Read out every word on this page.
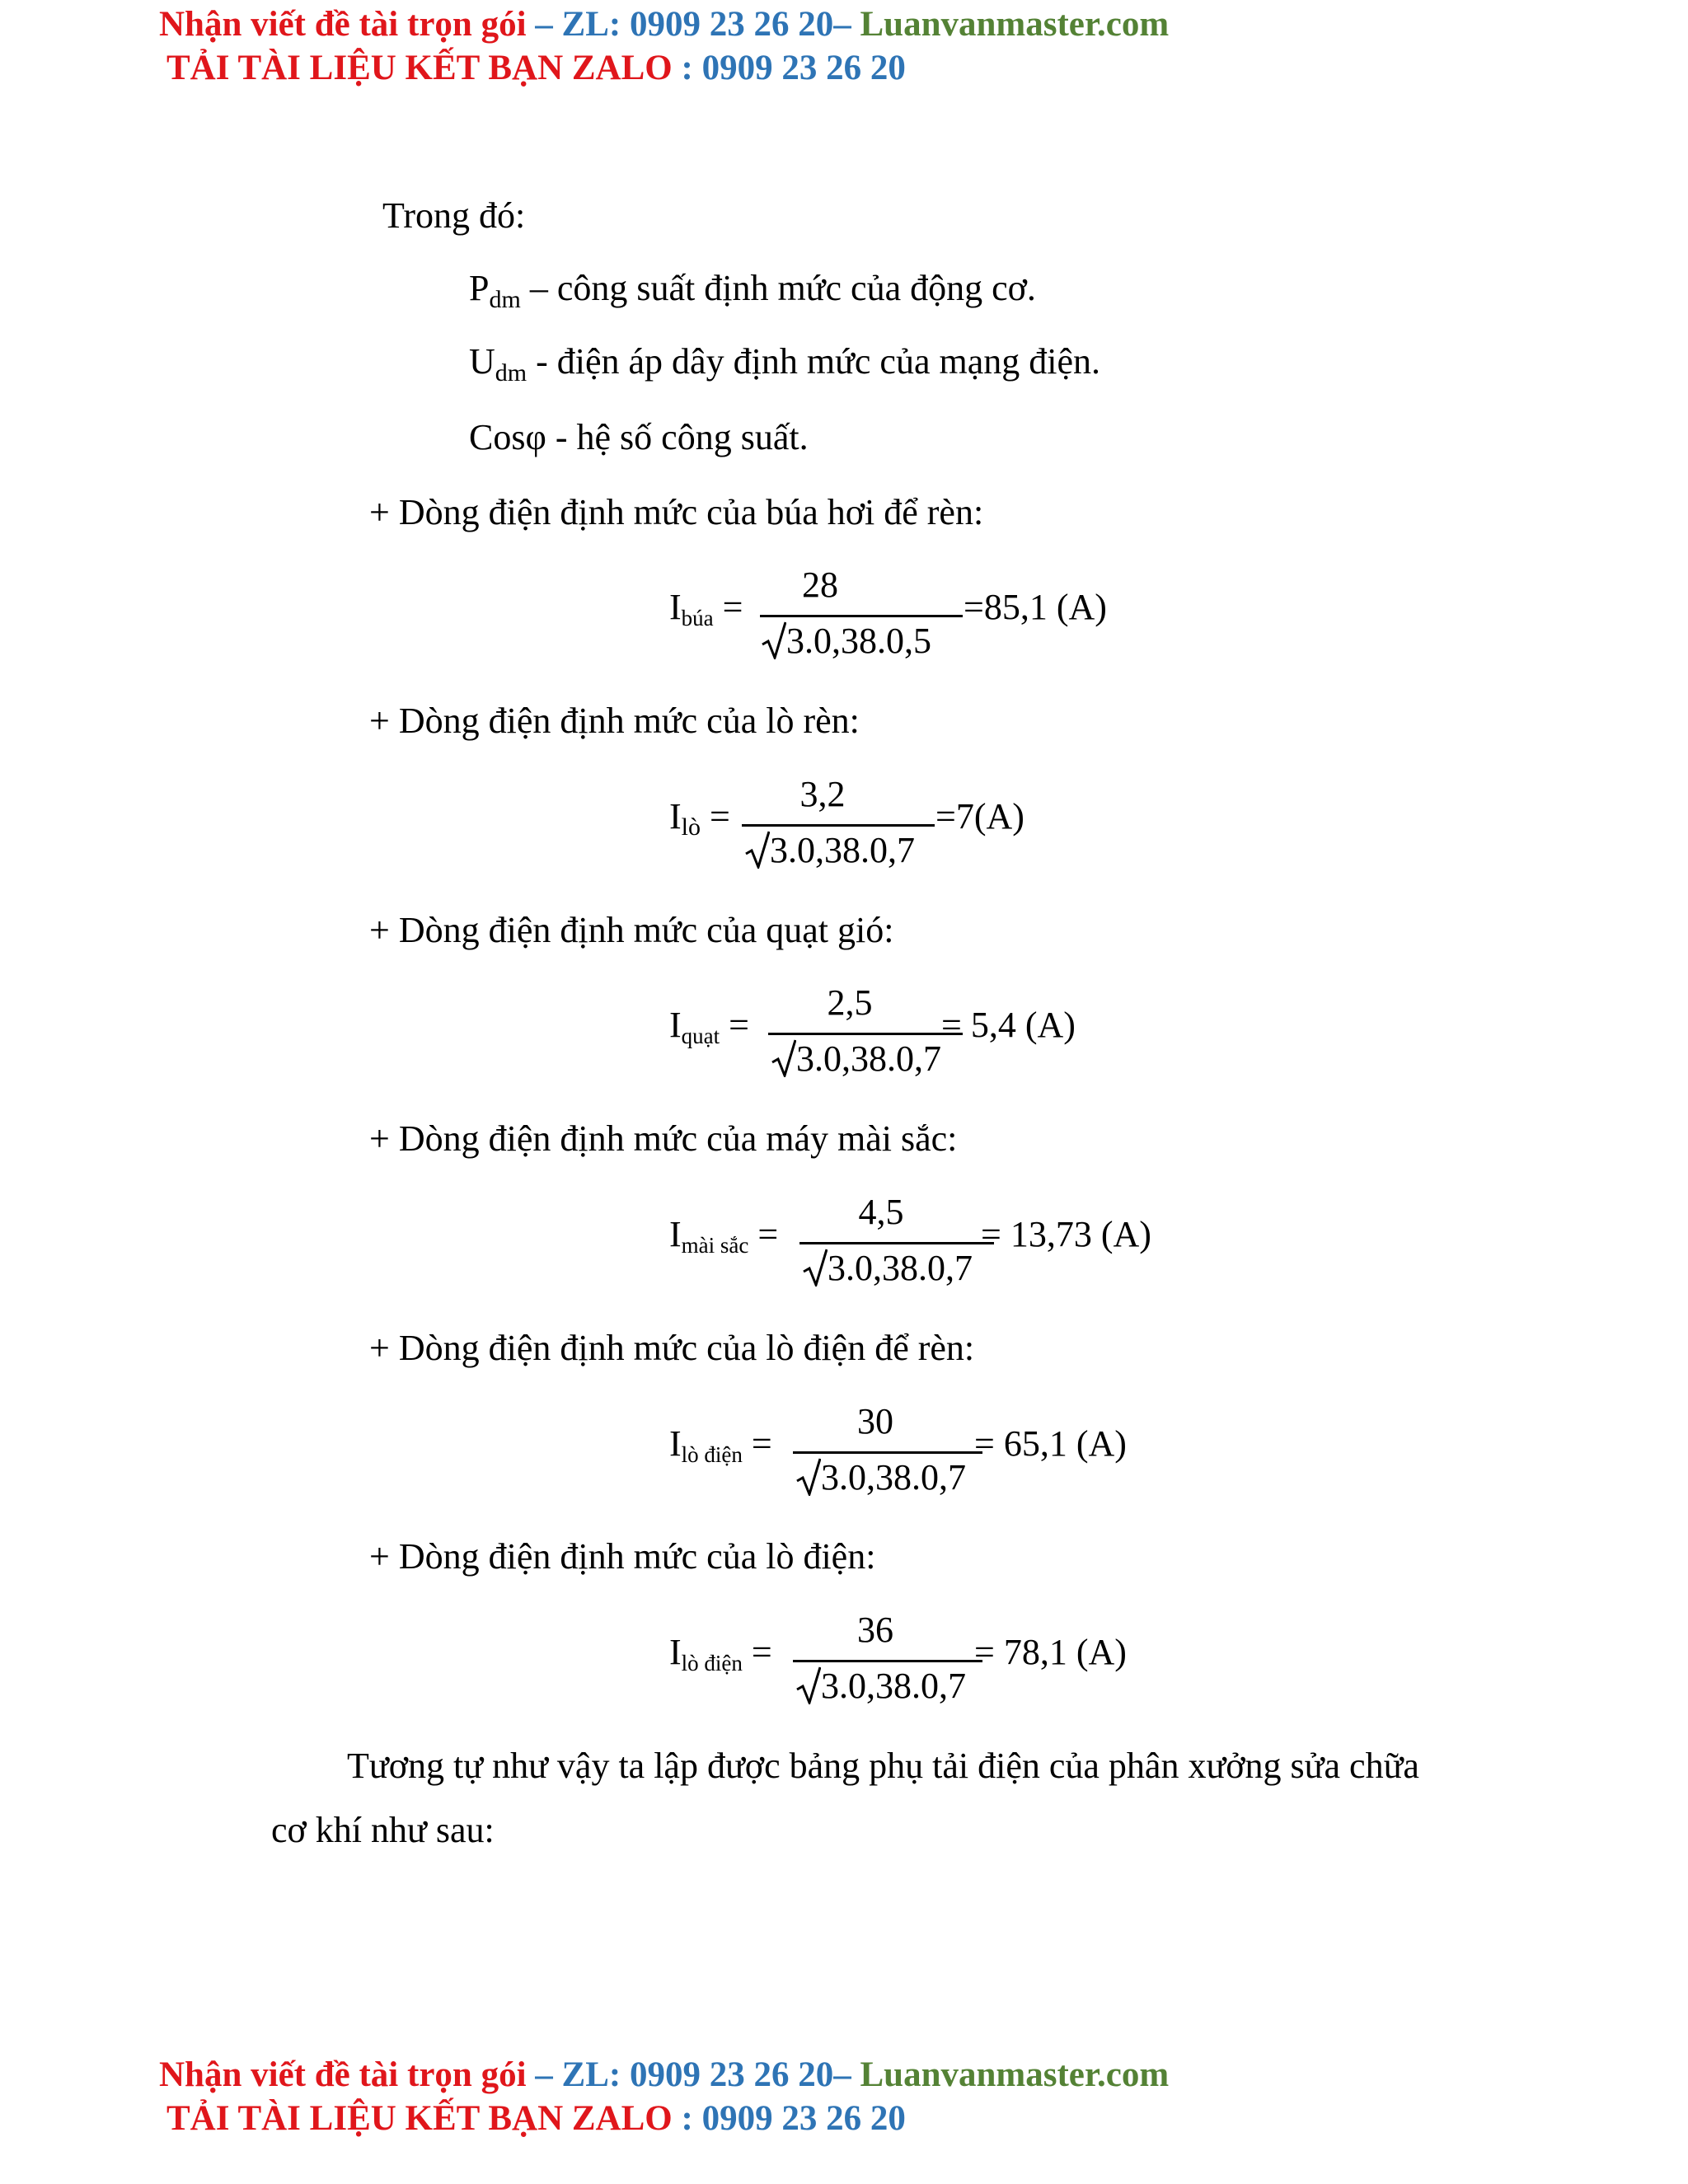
Nhận viết đề tài trọn gói – ZL: 0909 23 26 20– Luanvanmaster.com
TẢI TÀI LIỆU KẾT BẠN ZALO : 0909 23 26 20
Trong đó:
$P_{dm}$ – công suất định mức của động cơ.
$U_{dm}$ - điện áp dây định mức của mạng điện.
Cosφ - hệ số công suất.
+ Dòng điện định mức của búa hơi để rèn:
Ibúa =
28
3.0,38.0,5
=85,1 (A)
+ Dòng điện định mức của lò rèn:
Ilò =
3,2
3.0,38.0,7
=7(A)
+ Dòng điện định mức của quạt gió:
Iquạt =
2,5
3.0,38.0,7
= 5,4 (A)
+ Dòng điện định mức của máy mài sắc:
Imài sắc =
4,5
3.0,38.0,7
= 13,73 (A)
+ Dòng điện định mức của lò điện để rèn:
Ilò điện =
30
3.0,38.0,7
= 65,1 (A)
+ Dòng điện định mức của lò điện:
Ilò điện =
36
3.0,38.0,7
= 78,1 (A)
Tương tự như vậy ta lập được bảng phụ tải điện của phân xưởng sửa chữa
cơ khí như sau:
Nhận viết đề tài trọn gói – ZL: 0909 23 26 20– Luanvanmaster.com
TẢI TÀI LIỆU KẾT BẠN ZALO : 0909 23 26 20
